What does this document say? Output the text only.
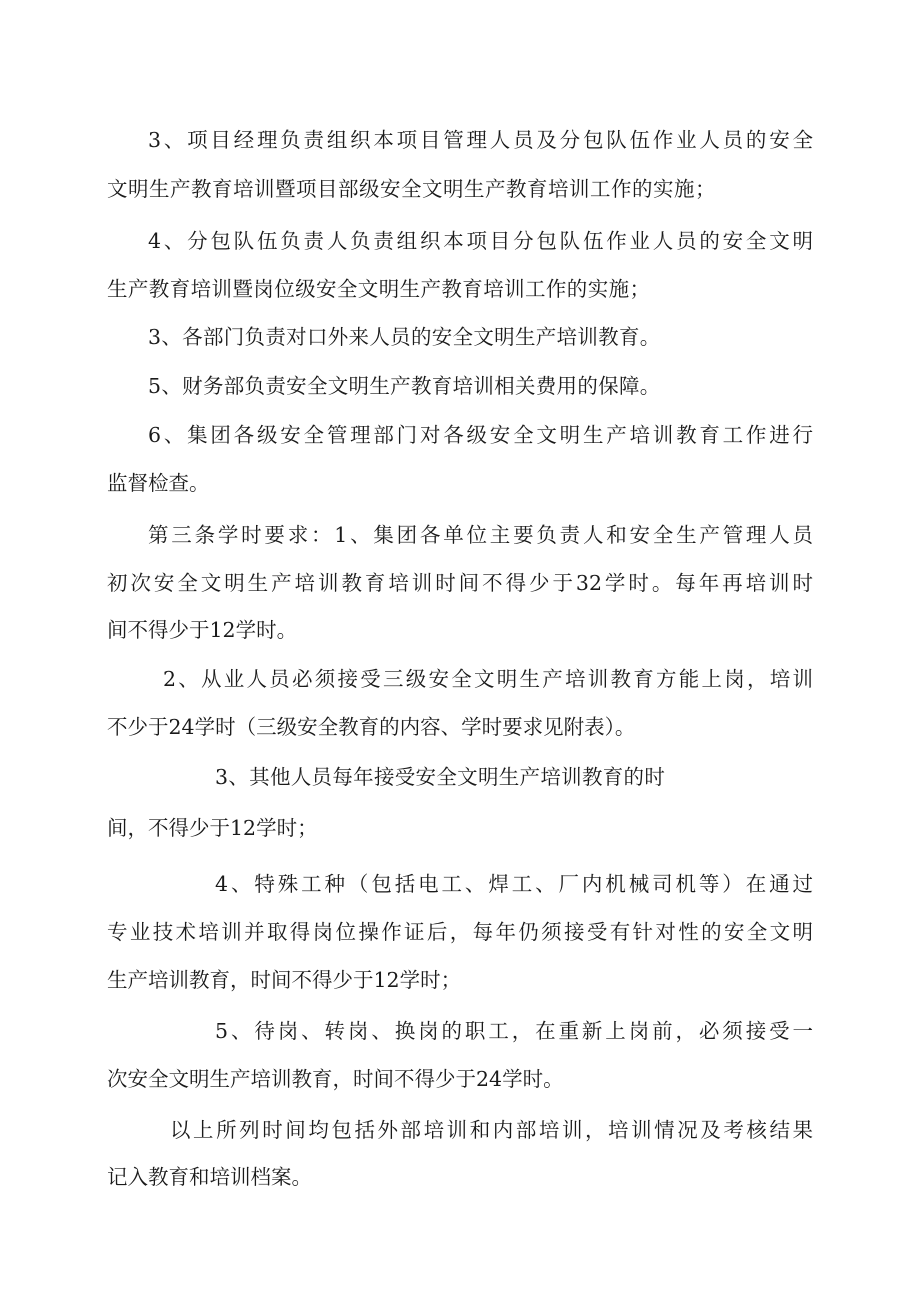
3、项目经理负责组织本项目管理人员及分包队伍作业人员的安全
文明生产教育培训暨项目部级安全文明生产教育培训工作的实施；
4、分包队伍负责人负责组织本项目分包队伍作业人员的安全文明
生产教育培训暨岗位级安全文明生产教育培训工作的实施；
3、各部门负责对口外来人员的安全文明生产培训教育。
5、财务部负责安全文明生产教育培训相关费用的保障。
6、集团各级安全管理部门对各级安全文明生产培训教育工作进行
监督检查。
第三条学时要求：1、集团各单位主要负责人和安全生产管理人员
初次安全文明生产培训教育培训时间不得少于32学时。每年再培训时
间不得少于12学时。
2、从业人员必须接受三级安全文明生产培训教育方能上岗，培训
不少于24学时（三级安全教育的内容、学时要求见附表）。
3、其他人员每年接受安全文明生产培训教育的时
间，不得少于12学时；
4、特殊工种（包括电工、焊工、厂内机械司机等）在通过
专业技术培训并取得岗位操作证后，每年仍须接受有针对性的安全文明
生产培训教育，时间不得少于12学时；
5、待岗、转岗、换岗的职工，在重新上岗前，必须接受一
次安全文明生产培训教育，时间不得少于24学时。
以上所列时间均包括外部培训和内部培训，培训情况及考核结果
记入教育和培训档案。
